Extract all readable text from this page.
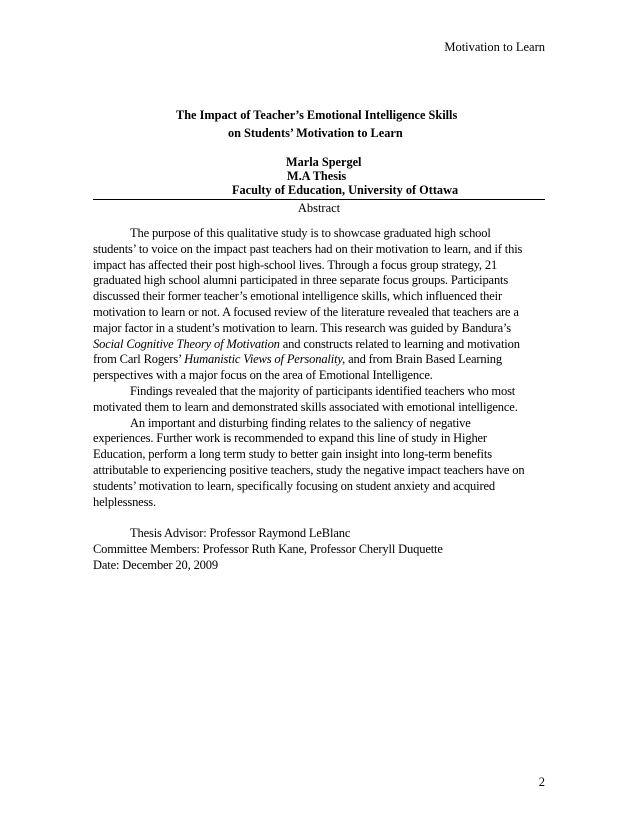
Motivation to Learn
The Impact of Teacher’s Emotional Intelligence Skills
on Students’ Motivation to Learn
Marla Spergel
M.A Thesis
Faculty of Education, University of Ottawa
Abstract
The purpose of this qualitative study is to showcase graduated high school
students’ to voice on the impact past teachers had on their motivation to learn, and if this
impact has affected their post high-school lives. Through a focus group strategy, 21
graduated high school alumni participated in three separate focus groups. Participants
discussed their former teacher’s emotional intelligence skills, which influenced their
motivation to learn or not. A focused review of the literature revealed that teachers are a
major factor in a student’s motivation to learn. This research was guided by Bandura’s
Social Cognitive Theory of Motivation and constructs related to learning and motivation
from Carl Rogers’ Humanistic Views of Personality, and from Brain Based Learning
perspectives with a major focus on the area of Emotional Intelligence.
Findings revealed that the majority of participants identified teachers who most
motivated them to learn and demonstrated skills associated with emotional intelligence.
An important and disturbing finding relates to the saliency of negative
experiences. Further work is recommended to expand this line of study in Higher
Education, perform a long term study to better gain insight into long-term benefits
attributable to experiencing positive teachers, study the negative impact teachers have on
students’ motivation to learn, specifically focusing on student anxiety and acquired
helplessness.
Thesis Advisor: Professor Raymond LeBlanc
Committee Members: Professor Ruth Kane, Professor Cheryll Duquette
Date: December 20, 2009
2
